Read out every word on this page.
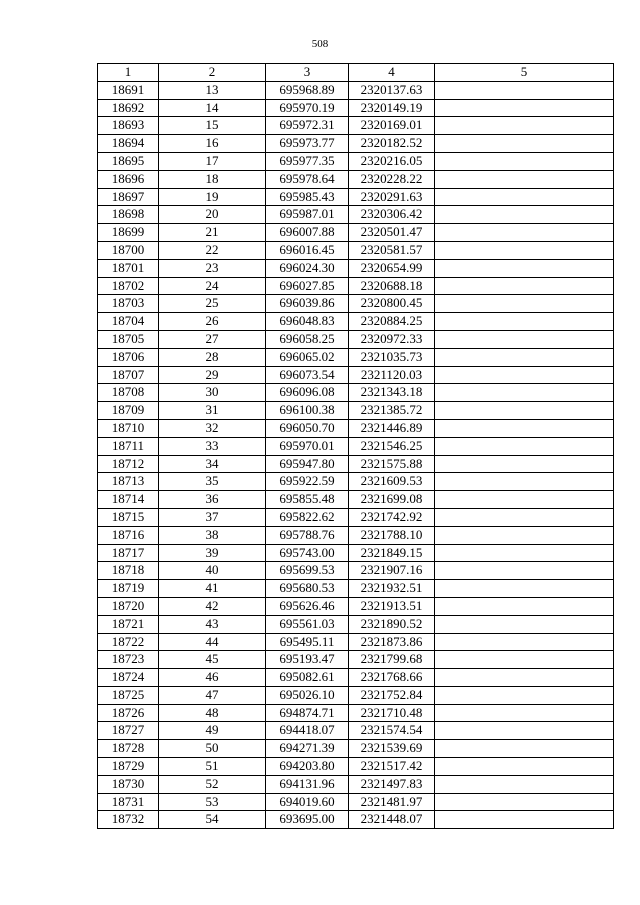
508
1	2	3	4	5
18691	13	695968.89	2320137.63	
18692	14	695970.19	2320149.19	
18693	15	695972.31	2320169.01	
18694	16	695973.77	2320182.52	
18695	17	695977.35	2320216.05	
18696	18	695978.64	2320228.22	
18697	19	695985.43	2320291.63	
18698	20	695987.01	2320306.42	
18699	21	696007.88	2320501.47	
18700	22	696016.45	2320581.57	
18701	23	696024.30	2320654.99	
18702	24	696027.85	2320688.18	
18703	25	696039.86	2320800.45	
18704	26	696048.83	2320884.25	
18705	27	696058.25	2320972.33	
18706	28	696065.02	2321035.73	
18707	29	696073.54	2321120.03	
18708	30	696096.08	2321343.18	
18709	31	696100.38	2321385.72	
18710	32	696050.70	2321446.89	
18711	33	695970.01	2321546.25	
18712	34	695947.80	2321575.88	
18713	35	695922.59	2321609.53	
18714	36	695855.48	2321699.08	
18715	37	695822.62	2321742.92	
18716	38	695788.76	2321788.10	
18717	39	695743.00	2321849.15	
18718	40	695699.53	2321907.16	
18719	41	695680.53	2321932.51	
18720	42	695626.46	2321913.51	
18721	43	695561.03	2321890.52	
18722	44	695495.11	2321873.86	
18723	45	695193.47	2321799.68	
18724	46	695082.61	2321768.66	
18725	47	695026.10	2321752.84	
18726	48	694874.71	2321710.48	
18727	49	694418.07	2321574.54	
18728	50	694271.39	2321539.69	
18729	51	694203.80	2321517.42	
18730	52	694131.96	2321497.83	
18731	53	694019.60	2321481.97	
18732	54	693695.00	2321448.07	
